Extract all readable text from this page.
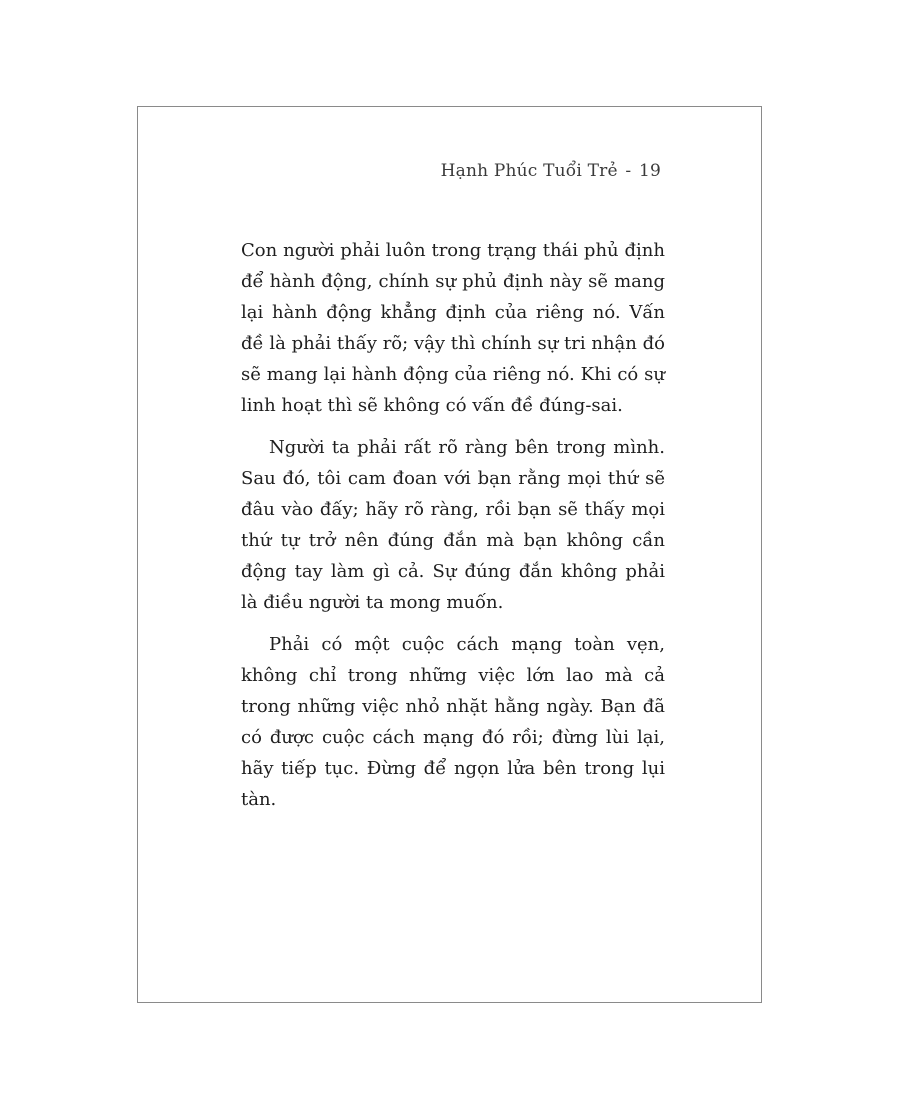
Hạnh Phúc Tuổi Trẻ - 19

Con người phải luôn trong trạng thái phủ định để hành động, chính sự phủ định này sẽ mang lại hành động khẳng định của riêng nó. Vấn đề là phải thấy rõ; vậy thì chính sự tri nhận đó sẽ mang lại hành động của riêng nó. Khi có sự linh hoạt thì sẽ không có vấn đề đúng-sai.

Người ta phải rất rõ ràng bên trong mình. Sau đó, tôi cam đoan với bạn rằng mọi thứ sẽ đâu vào đấy; hãy rõ ràng, rồi bạn sẽ thấy mọi thứ tự trở nên đúng đắn mà bạn không cần động tay làm gì cả. Sự đúng đắn không phải là điều người ta mong muốn.

Phải có một cuộc cách mạng toàn vẹn, không chỉ trong những việc lớn lao mà cả trong những việc nhỏ nhặt hằng ngày. Bạn đã có được cuộc cách mạng đó rồi; đừng lùi lại, hãy tiếp tục. Đừng để ngọn lửa bên trong lụi tàn.
